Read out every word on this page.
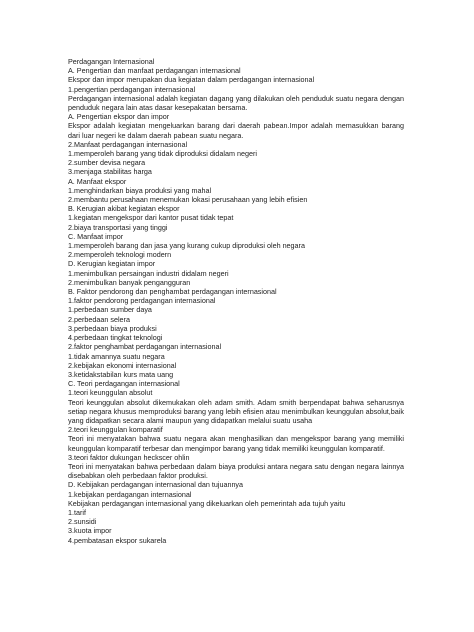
Perdagangan Internasional
A. Pengertian dan manfaat perdagangan internasional
Ekspor dan impor merupakan dua kegiatan dalam perdagangan internasional
1.pengertian perdagangan internasional
Perdagangan internasional adalah kegiatan dagang yang dilakukan oleh penduduk suatu negara dengan penduduk negara lain atas dasar kesepakatan bersama.
A. Pengertian ekspor dan impor
Ekspor adalah kegiatan mengeluarkan barang dari daerah pabean.Impor adalah memasukkan barang dari luar negeri ke dalam daerah pabean suatu negara.
2.Manfaat perdagangan internasional
1.memperoleh barang yang tidak diproduksi didalam negeri
2.sumber devisa negara
3.menjaga stabilitas harga
A. Manfaat ekspor
1.menghindarkan biaya produksi yang mahal
2.membantu perusahaan menemukan lokasi perusahaan yang lebih efisien
B. Kerugian akibat kegiatan ekspor
1.kegiatan mengekspor dari kantor pusat tidak tepat
2.biaya transportasi yang tinggi
C. Manfaat impor
1.memperoleh barang dan jasa yang kurang cukup diproduksi oleh negara
2.memperoleh teknologi modern
D. Kerugian kegiatan impor
1.menimbulkan persaingan industri didalam negeri
2.menimbulkan banyak pengangguran
B. Faktor pendorong dan penghambat perdagangan internasional
1.faktor pendorong perdagangan internasional
1.perbedaan sumber daya
2.perbedaan selera
3.perbedaan biaya produksi
4.perbedaan tingkat teknologi
2.faktor penghambat perdagangan internasional
1.tidak amannya suatu negara
2.kebijakan ekonomi internasional
3.ketidakstabilan kurs mata uang
C. Teori perdagangan internasional
1.teori keunggulan absolut
Teori keunggulan absolut dikemukakan oleh adam smith. Adam smith berpendapat bahwa seharusnya setiap negara khusus memproduksi barang yang lebih efisien atau menimbulkan keunggulan absolut,baik yang didapatkan secara alami maupun yang didapatkan melalui suatu usaha
2.teori keunggulan komparatif
Teori ini menyatakan bahwa suatu negara akan menghasilkan dan mengekspor barang yang memiliki keunggulan komparatif terbesar dan mengimpor barang yang tidak memiliki keunggulan komparatif.
3.teori faktor dukungan heckscer ohlin
Teori ini menyatakan bahwa perbedaan dalam biaya produksi antara negara satu dengan negara lainnya disebabkan oleh perbedaan faktor produksi.
D. Kebijakan perdagangan internasional dan tujuannya
1.kebijakan perdagangan internasional
Kebijakan perdagangan internasional yang dikeluarkan oleh pemerintah ada tujuh yaitu
1.tarif
2.sunsidi
3.kuota impor
4.pembatasan ekspor sukarela
